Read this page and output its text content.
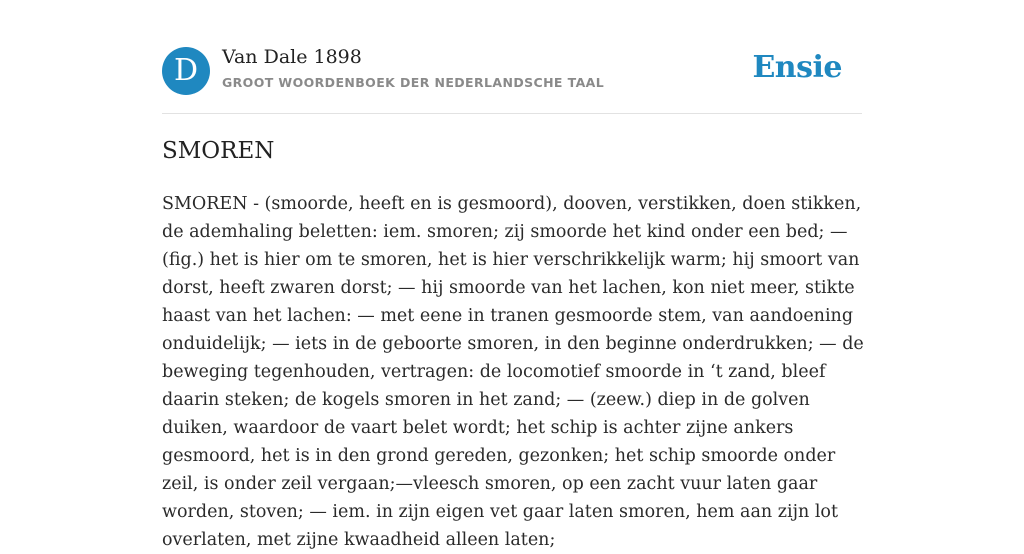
D	Van Dale 1898
GROOT WOORDENBOEK DER NEDERLANDSCHE TAAL	Ensie
SMOREN

SMOREN - (smoorde, heeft en is gesmoord), dooven, verstikken, doen stikken, de ademhaling beletten: iem. smoren; zij smoorde het kind onder een bed; — (fig.) het is hier om te smoren, het is hier verschrikkelijk warm; hij smoort van dorst, heeft zwaren dorst; — hij smoorde van het lachen, kon niet meer, stikte haast van het lachen: — met eene in tranen gesmoorde stem, van aandoening onduidelijk; — iets in de geboorte smoren, in den beginne onderdrukken; — de beweging tegenhouden, vertragen: de locomotief smoorde in ‘t zand, bleef daarin steken; de kogels smoren in het zand; — (zeew.) diep in de golven duiken, waardoor de vaart belet wordt; het schip is achter zijne ankers gesmoord, het is in den grond gereden, gezonken; het schip smoorde onder zeil, is onder zeil vergaan;—vleesch smoren, op een zacht vuur laten gaar worden, stoven; — iem. in zijn eigen vet gaar laten smoren, hem aan zijn lot overlaten, met zijne kwaadheid alleen laten;
